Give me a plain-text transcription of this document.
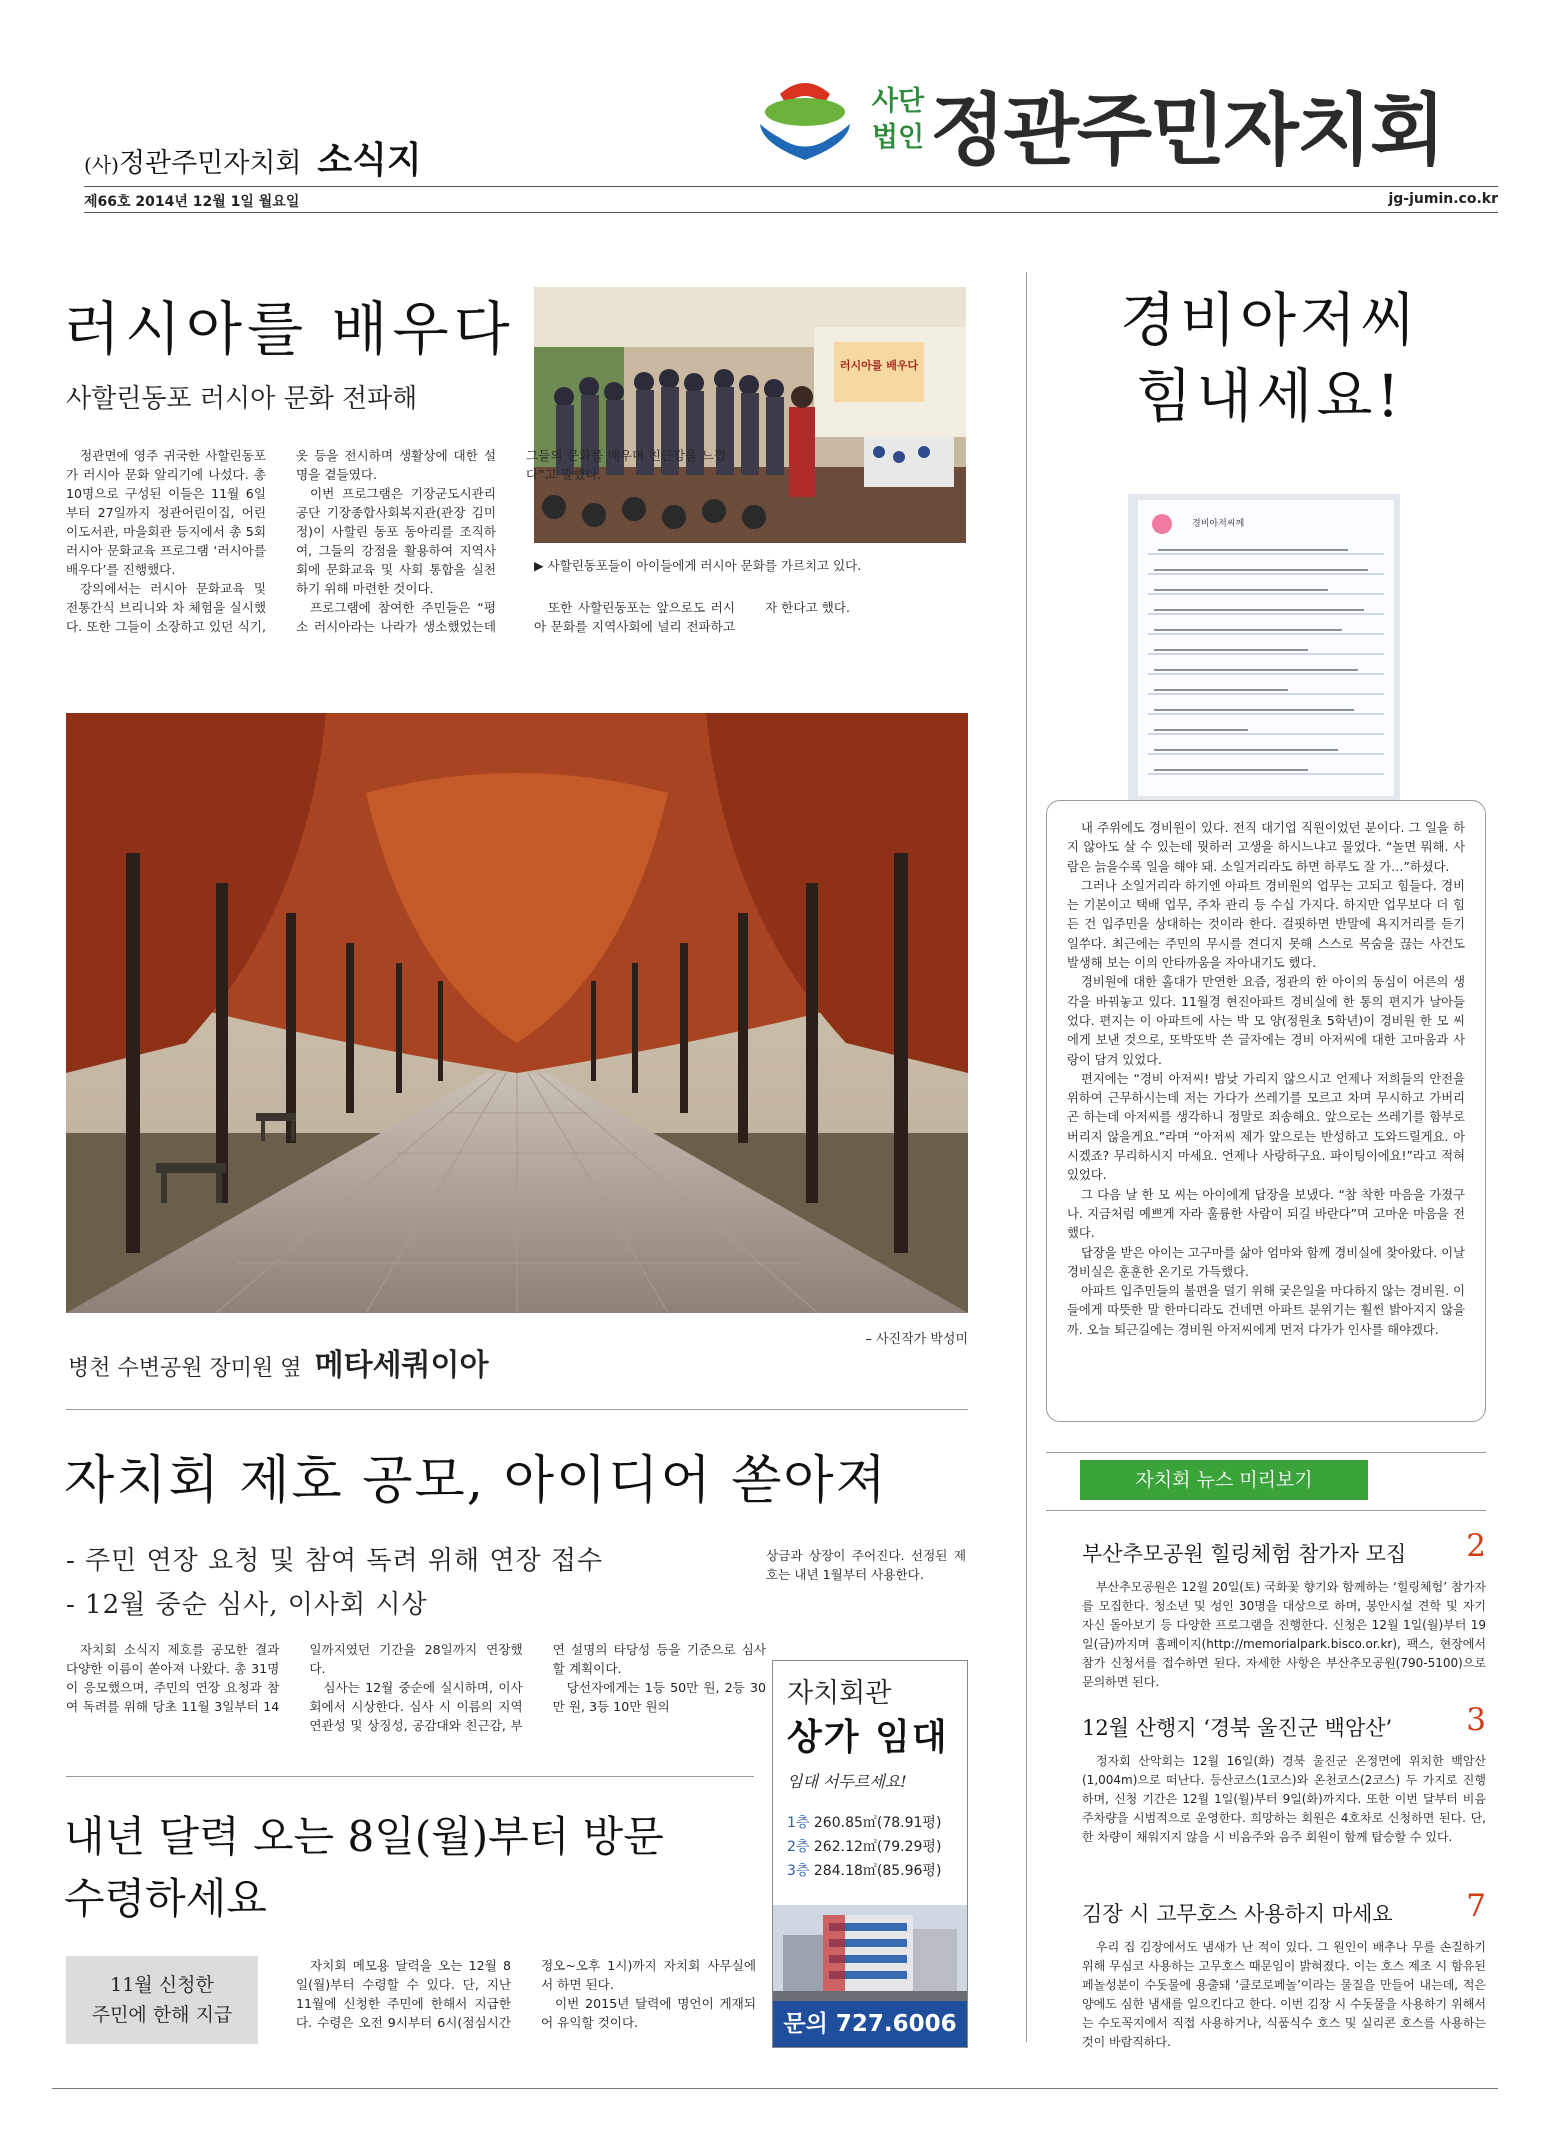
(사)정관주민자치회 소식지
사단
법인 정관주민자치회
제66호 2014년 12월 1일 월요일	jg-jumin.co.kr
러시아를 배우다
사할린동포 러시아 문화 전파해
러시아를 배우다
▶ 사할린동포들이 아이들에게 러시아 문화를 가르치고 있다.

정관면에 영주 귀국한 사할린동포가 러시아 문화 알리기에 나섰다. 총 10명으로 구성된 이들은 11월 6일부터 27일까지 정관어린이집, 어린이도서관, 마을회관 등지에서 총 5회 러시아 문화교육 프로그램 ‘러시아를 배우다’를 진행했다.

강의에서는 러시아 문화교육 및 전통간식 브리니와 차 체험을 실시했다. 또한 그들이 소장하고 있던 식기, 옷 등을 전시하며 생활상에 대한 설명을 곁들였다.

이번 프로그램은 기장군도시관리공단 기장종합사회복지관(관장 김미정)이 사할린 동포 동아리를 조직하여, 그들의 강점을 활용하여 지역사회에 문화교육 및 사회 통합을 실천하기 위해 마련한 것이다.

프로그램에 참여한 주민들은 “평소 러시아라는 나라가 생소했었는데 그들의 문화를 배우며 친근감을 느꼈다”고 말했다.

또한 사할린동포는 앞으로도 러시아 문화를 지역사회에 널리 전파하고자 한다고 했다.

병천 수변공원 장미원 옆 메타세쿼이아
– 사진작가 박성미
자치회 제호 공모, 아이디어 쏟아져
- 주민 연장 요청 및 참여 독려 위해 연장 접수
- 12월 중순 심사, 이사회 시상
상금과 상장이 주어진다. 선정된 제호는 내년 1월부터 사용한다.

자치회 소식지 제호를 공모한 결과 다양한 이름이 쏟아져 나왔다. 총 31명이 응모했으며, 주민의 연장 요청과 참여 독려를 위해 당초 11월 3일부터 14일까지였던 기간을 28일까지 연장했다.

심사는 12월 중순에 실시하며, 이사회에서 시상한다. 심사 시 이름의 지역 연관성 및 상징성, 공감대와 친근감, 부연 설명의 타당성 등을 기준으로 심사할 계획이다.

당선자에게는 1등 50만 원, 2등 30만 원, 3등 10만 원의

내년 달력 오는 8일(월)부터 방문
수령하세요
11월 신청한
주민에 한해 지급

자치회 메모용 달력을 오는 12월 8일(월)부터 수령할 수 있다. 단, 지난 11월에 신청한 주민에 한해서 지급한다. 수령은 오전 9시부터 6시(점심시간 정오~오후 1시)까지 자치회 사무실에서 하면 된다.

이번 2015년 달력에 명언이 게재되어 유익할 것이다.

자치회관
상가 임대
임대 서두르세요!
1층 260.85㎡(78.91평)
2층 262.12㎡(79.29평)
3층 284.18㎡(85.96평)
문의 727.6006
경비아저씨
힘내세요!
경비아저씨께

내 주위에도 경비원이 있다. 전직 대기업 직원이었던 분이다. 그 일을 하지 않아도 살 수 있는데 뭣하러 고생을 하시느냐고 물었다. “놀면 뭐해. 사람은 늙을수록 일을 해야 돼. 소일거리라도 하면 하루도 잘 가…”하셨다.

그러나 소일거리라 하기엔 아파트 경비원의 업무는 고되고 힘들다. 경비는 기본이고 택배 업무, 주차 관리 등 수십 가지다. 하지만 업무보다 더 힘든 건 입주민을 상대하는 것이라 한다. 걸핏하면 반말에 욕지거리를 듣기 일쑤다. 최근에는 주민의 무시를 견디지 못해 스스로 목숨을 끊는 사건도 발생해 보는 이의 안타까움을 자아내기도 했다.

경비원에 대한 홀대가 만연한 요즘, 정관의 한 아이의 동심이 어른의 생각을 바꿔놓고 있다. 11월경 현진아파트 경비실에 한 통의 편지가 날아들었다. 편지는 이 아파트에 사는 박 모 양(정원초 5학년)이 경비원 한 모 씨에게 보낸 것으로, 또박또박 쓴 글자에는 경비 아저씨에 대한 고마움과 사랑이 담겨 있었다.

편지에는 “경비 아저씨! 밤낮 가리지 않으시고 언제나 저희들의 안전을 위하여 근무하시는데 저는 가다가 쓰레기를 모르고 차며 무시하고 가버리곤 하는데 아저씨를 생각하니 정말로 죄송해요. 앞으로는 쓰레기를 함부로 버리지 않을게요.”라며 “아저씨 제가 앞으로는 반성하고 도와드릴게요. 아시겠죠? 무리하시지 마세요. 언제나 사랑하구요. 파이팅이에요!”라고 적혀 있었다.

그 다음 날 한 모 씨는 아이에게 답장을 보냈다. “참 착한 마음을 가졌구나. 지금처럼 예쁘게 자라 훌륭한 사람이 되길 바란다”며 고마운 마음을 전했다.

답장을 받은 아이는 고구마를 삶아 엄마와 함께 경비실에 찾아왔다. 이날 경비실은 훈훈한 온기로 가득했다.

아파트 입주민들의 불편을 덜기 위해 궂은일을 마다하지 않는 경비원. 이들에게 따뜻한 말 한마디라도 건네면 아파트 분위기는 훨씬 밝아지지 않을까. 오늘 퇴근길에는 경비원 아저씨에게 먼저 다가가 인사를 해야겠다.

자치회 뉴스 미리보기
부산추모공원 힐링체험 참가자 모집 2

부산추모공원은 12월 20일(토) 국화꽃 향기와 함께하는 ‘힐링체험’ 참가자를 모집한다. 청소년 및 성인 30명을 대상으로 하며, 봉안시설 견학 및 자기 자신 돌아보기 등 다양한 프로그램을 진행한다. 신청은 12월 1일(월)부터 19일(금)까지며 홈페이지(http://memorialpark.bisco.or.kr), 팩스, 현장에서 참가 신청서를 접수하면 된다. 자세한 사항은 부산추모공원(790-5100)으로 문의하면 된다.

12월 산행지 ‘경북 울진군 백암산’ 3

정자회 산악회는 12월 16일(화) 경북 울진군 온정면에 위치한 백암산(1,004m)으로 떠난다. 등산코스(1코스)와 온천코스(2코스) 두 가지로 진행하며, 신청 기간은 12월 1일(월)부터 9일(화)까지다. 또한 이번 달부터 비음주차량을 시범적으로 운영한다. 희망하는 회원은 4호차로 신청하면 된다. 단, 한 차량이 채워지지 않을 시 비음주와 음주 회원이 함께 탑승할 수 있다.

김장 시 고무호스 사용하지 마세요 7

우리 집 김장에서도 냄새가 난 적이 있다. 그 원인이 배추나 무를 손질하기 위해 무심코 사용하는 고무호스 때문임이 밝혀졌다. 이는 호스 제조 시 함유된 페놀성분이 수돗물에 용출돼 ‘클로로페놀’이라는 물질을 만들어 내는데, 적은 양에도 심한 냄새를 일으킨다고 한다. 이번 김장 시 수돗물을 사용하기 위해서는 수도꼭지에서 직접 사용하거나, 식품식수 호스 및 실리콘 호스를 사용하는 것이 바람직하다.
